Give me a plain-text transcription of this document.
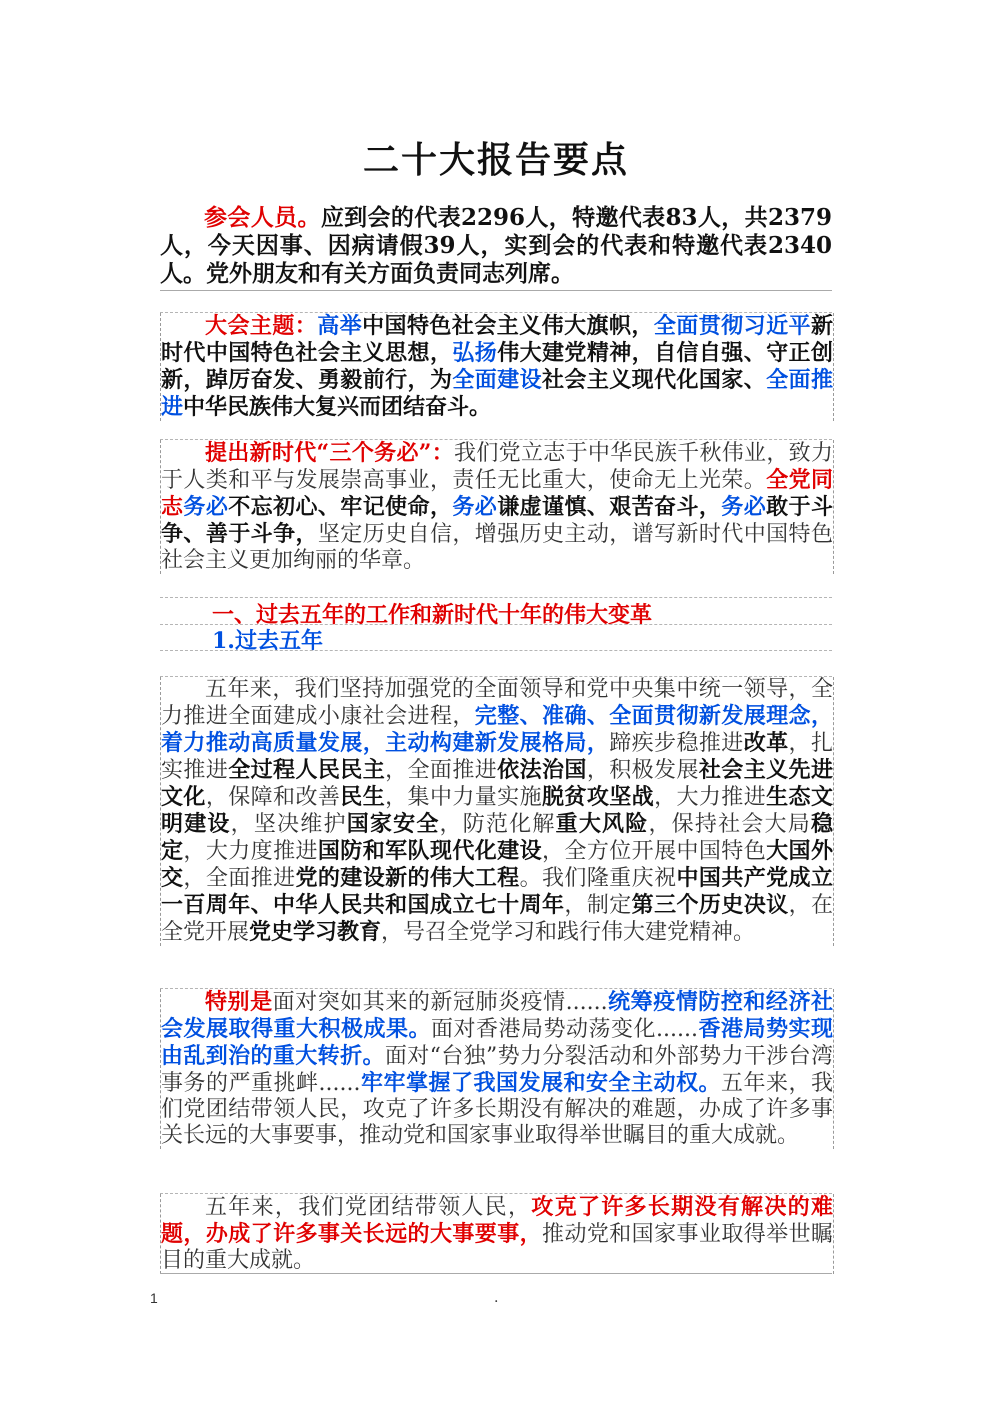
二十大报告要点

参会人员。应到会的代表2296人，特邀代表83人，共2379人，今天因事、因病请假39人，实到会的代表和特邀代表2340人。党外朋友和有关方面负责同志列席。

大会主题：高举中国特色社会主义伟大旗帜，全面贯彻习近平新时代中国特色社会主义思想，弘扬伟大建党精神，自信自强、守正创新，踔厉奋发、勇毅前行，为全面建设社会主义现代化国家、全面推进中华民族伟大复兴而团结奋斗。

提出新时代“三个务必”：我们党立志于中华民族千秋伟业，致力于人类和平与发展崇高事业，责任无比重大，使命无上光荣。全党同志务必不忘初心、牢记使命，务必谦虚谨慎、艰苦奋斗，务必敢于斗争、善于斗争，坚定历史自信，增强历史主动，谱写新时代中国特色社会主义更加绚丽的华章。

一、过去五年的工作和新时代十年的伟大变革
1.过去五年

五年来，我们坚持加强党的全面领导和党中央集中统一领导，全力推进全面建成小康社会进程，完整、准确、全面贯彻新发展理念，着力推动高质量发展，主动构建新发展格局，蹄疾步稳推进改革，扎实推进全过程人民民主，全面推进依法治国，积极发展社会主义先进文化，保障和改善民生，集中力量实施脱贫攻坚战，大力推进生态文明建设，坚决维护国家安全，防范化解重大风险，保持社会大局稳定，大力度推进国防和军队现代化建设，全方位开展中国特色大国外交，全面推进党的建设新的伟大工程。我们隆重庆祝中国共产党成立一百周年、中华人民共和国成立七十周年，制定第三个历史决议，在全党开展党史学习教育，号召全党学习和践行伟大建党精神。

特别是面对突如其来的新冠肺炎疫情......统筹疫情防控和经济社会发展取得重大积极成果。面对香港局势动荡变化......香港局势实现由乱到治的重大转折。面对“台独”势力分裂活动和外部势力干涉台湾事务的严重挑衅......牢牢掌握了我国发展和安全主动权。五年来，我们党团结带领人民，攻克了许多长期没有解决的难题，办成了许多事关长远的大事要事，推动党和国家事业取得举世瞩目的重大成就。

五年来，我们党团结带领人民，攻克了许多长期没有解决的难题，办成了许多事关长远的大事要事，推动党和国家事业取得举世瞩目的重大成就。

1	.
